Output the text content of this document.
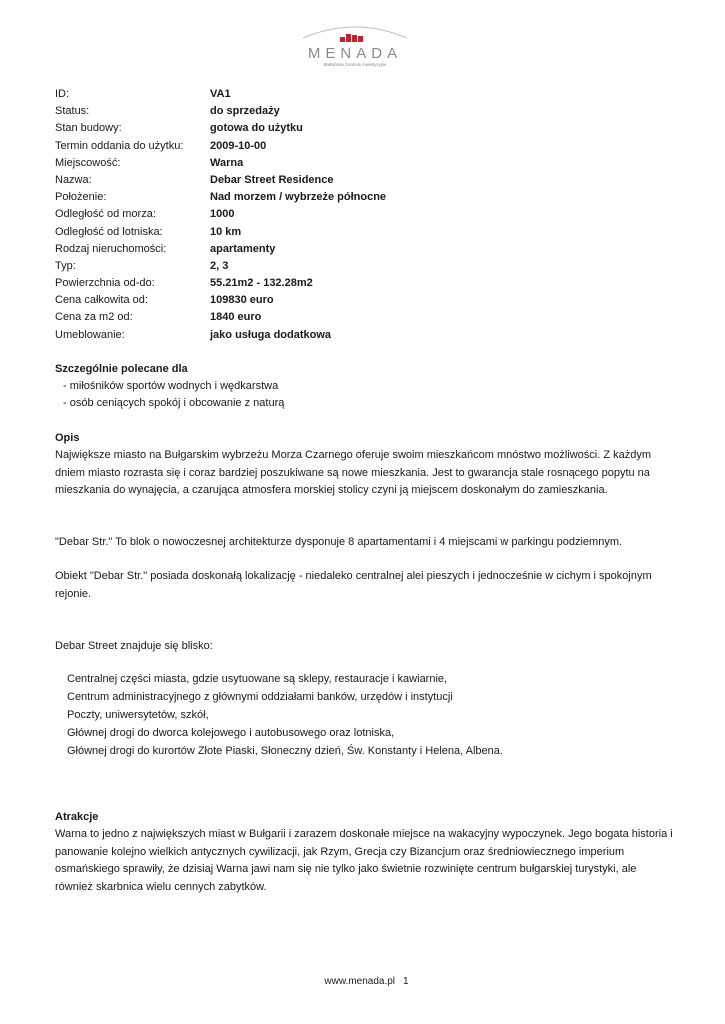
MENADA
Bałkańskie Centrum Inwestycyjne
ID:	VA1
Status:	do sprzedaży
Stan budowy:	gotowa do użytku
Termin oddania do użytku:	2009-10-00
Miejscowość:	Warna
Nazwa:	Debar Street Residence
Położenie:	Nad morzem / wybrzeże północne
Odległość od morza:	1000
Odległość od lotniska:	10 km
Rodzaj nieruchomości:	apartamenty
Typ:	2, 3
Powierzchnia od-do:	55.21m2 - 132.28m2
Cena całkowita od:	109830 euro
Cena za m2 od:	1840 euro
Umeblowanie:	jako usługa dodatkowa
Szczególnie polecane dla
- miłośników sportów wodnych i wędkarstwa
- osób ceniących spokój i obcowanie z naturą
Opis
Największe miasto na Bułgarskim wybrzeżu Morza Czarnego oferuje swoim mieszkańcom mnóstwo możliwości. Z każdym dniem miasto rozrasta się i coraz bardziej poszukiwane są nowe mieszkania. Jest to gwarancja stale rosnącego popytu na mieszkania do wynajęcia, a czarująca atmosfera morskiej stolicy czyni ją miejscem doskonałym do zamieszkania.
"Debar Str." To blok o nowoczesnej architekturze dysponuje 8 apartamentami i 4 miejscami w parkingu podziemnym.
Obiekt "Debar Str." posiada doskonałą lokalizację - niedaleko centralnej alei pieszych i jednocześnie w cichym i spokojnym rejonie.
Debar Street znajduje się blisko:
Centralnej części miasta, gdzie usytuowane są sklepy, restauracje i kawiarnie,
Centrum administracyjnego z głównymi oddziałami banków, urzędów i instytucji
Poczty, uniwersytetów, szkół,
Głównej drogi do dworca kolejowego i autobusowego oraz lotniska,
Głównej drogi do kurortów Złote Piaski, Słoneczny dzień, Św. Konstanty i Helena, Albena.
Atrakcje
Warna to jedno z największych miast w Bułgarii i zarazem doskonałe miejsce na wakacyjny wypoczynek. Jego bogata historia i panowanie kolejno wielkich antycznych cywilizacji, jak Rzym, Grecja czy Bizancjum oraz średniowiecznego imperium osmańskiego sprawiły, że dzisiaj Warna jawi nam się nie tylko jako świetnie rozwinięte centrum bułgarskiej turystyki, ale również skarbnica wielu cennych zabytków.
www.menada.pl 1
